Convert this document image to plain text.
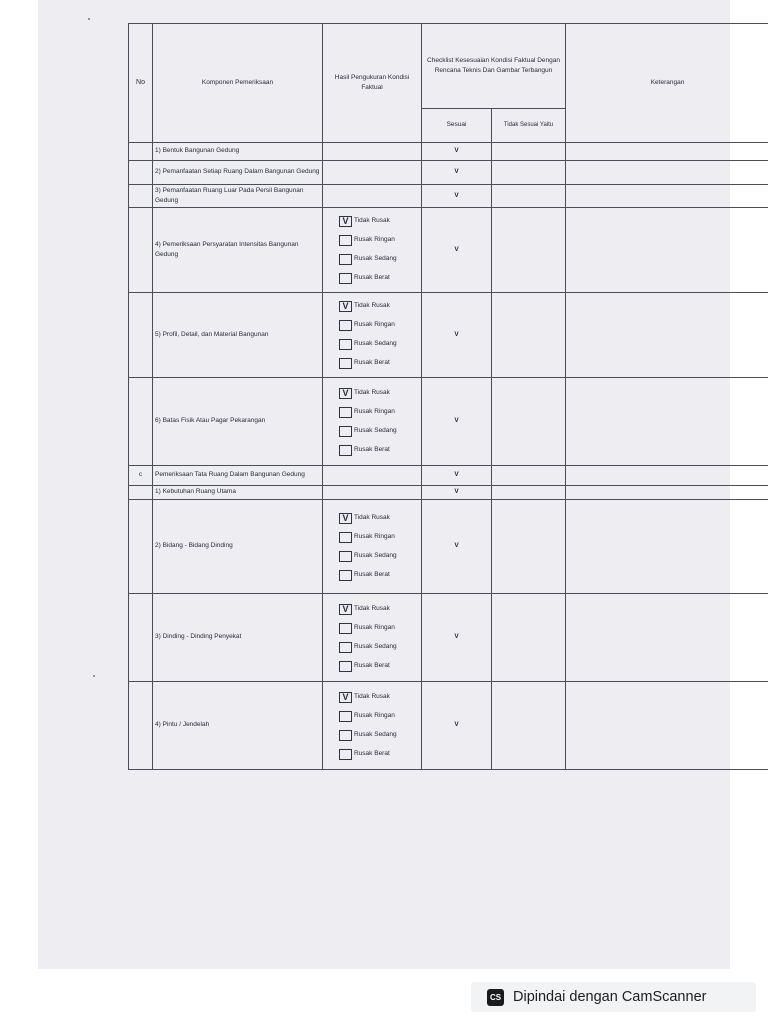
No	Komponen Pemeriksaan	Hasil Pengukuran Kondisi Faktual	Checklist Kesesuaian Kondisi Faktual Dengan Rencana Teknis Dan Gambar Terbangun		Keterangan
			Sesuai	Tidak Sesuai Yaitu	
	1) Bentuk Bangunan Gedung		V		
	2) Pemanfaatan Setiap Ruang Dalam Bangunan Gedung		V		
	3) Pemanfaatan Ruang Luar Pada Persil Bangunan Gedung		V		
	4) Pemeriksaan Persyaratan Intensitas Bangunan Gedung	V Tidak Rusak
Rusak Ringan
Rusak Sedang
Rusak Berat	V		
	5) Profil, Detail, dan Material Bangunan	V Tidak Rusak
Rusak Ringan
Rusak Sedang
Rusak Berat	V		
	6) Batas Fisik Atau Pagar Pekarangan	V Tidak Rusak
Rusak Ringan
Rusak Sedang
Rusak Berat	V		
c	Pemeriksaan Tata Ruang Dalam Bangunan Gedung		V		
	1) Kebutuhan Ruang Utama		V		
	2) Bidang - Bidang Dinding	V Tidak Rusak
Rusak Ringan
Rusak Sedang
Rusak Berat	V		
	3) Dinding - Dinding Penyekat	V Tidak Rusak
Rusak Ringan
Rusak Sedang
Rusak Berat	V		
	4) Pintu / Jendelah	V Tidak Rusak
Rusak Ringan
Rusak Sedang
Rusak Berat	V		
CS Dipindai dengan CamScanner
